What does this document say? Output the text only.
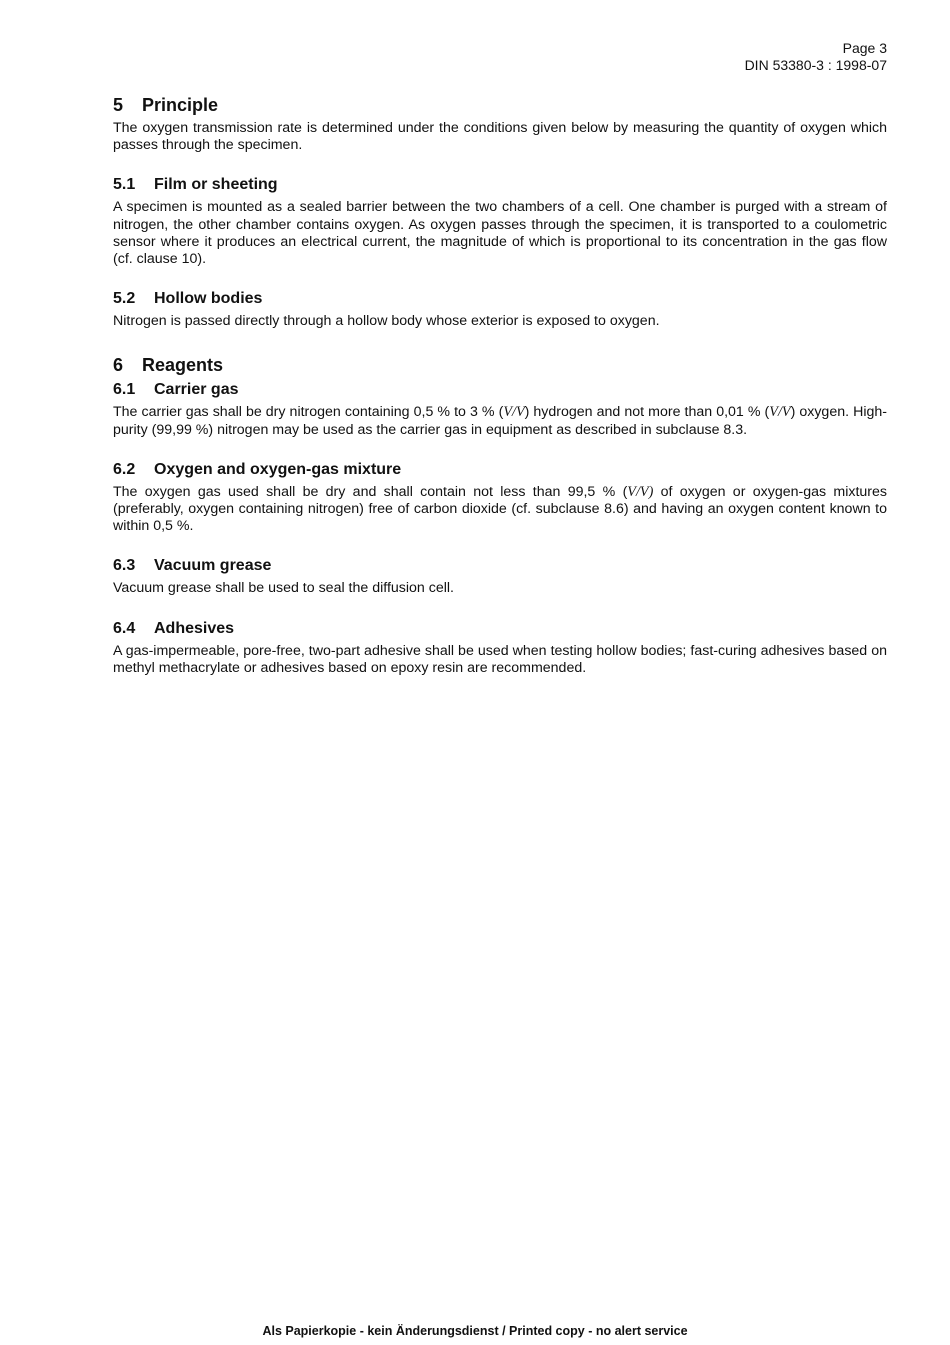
Page 3
DIN 53380-3 : 1998-07
5 Principle

The oxygen transmission rate is determined under the conditions given below by measuring the quantity of oxygen which passes through the specimen.

5.1 Film or sheeting

A specimen is mounted as a sealed barrier between the two chambers of a cell. One chamber is purged with a stream of nitrogen, the other chamber contains oxygen. As oxygen passes through the specimen, it is transported to a coulometric sensor where it produces an electrical current, the magnitude of which is proportional to its concentration in the gas flow (cf. clause 10).

5.2 Hollow bodies

Nitrogen is passed directly through a hollow body whose exterior is exposed to oxygen.

6 Reagents
6.1 Carrier gas

The carrier gas shall be dry nitrogen containing 0,5 % to 3 % (V/V) hydrogen and not more than 0,01 % (V/V) oxygen. High-purity (99,99 %) nitrogen may be used as the carrier gas in equipment as described in subclause 8.3.

6.2 Oxygen and oxygen-gas mixture

The oxygen gas used shall be dry and shall contain not less than 99,5 % (V/V) of oxygen or oxygen-gas mixtures (preferably, oxygen containing nitrogen) free of carbon dioxide (cf. subclause 8.6) and having an oxygen content known to within 0,5 %.

6.3 Vacuum grease

Vacuum grease shall be used to seal the diffusion cell.

6.4 Adhesives

A gas-impermeable, pore-free, two-part adhesive shall be used when testing hollow bodies; fast-curing adhesives based on methyl methacrylate or adhesives based on epoxy resin are recommended.

Als Papierkopie - kein Änderungsdienst / Printed copy - no alert service
